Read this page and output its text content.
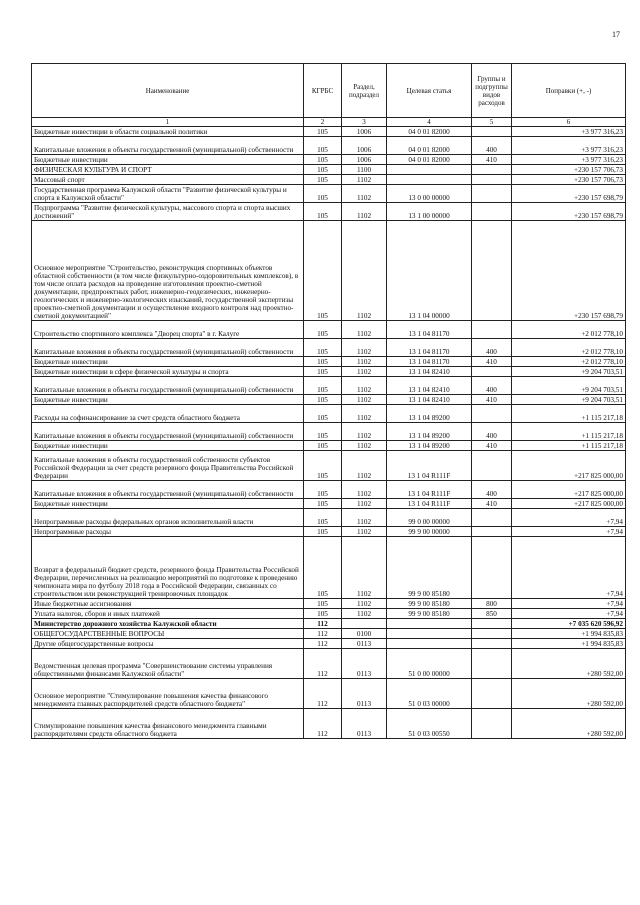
17
Наименование	КГРБС	Раздел, подраздел	Целевая статья	Группы и подгруппы видов расходов	Поправки (+, -)
1	2	3	4	5	6
Бюджетные инвестиции в области социальной политики	105	1006	04 0 01 82000		+3 977 316,23
Капитальные вложения в объекты государственной (муниципальной) собственности	105	1006	04 0 01 82000	400	+3 977 316,23
Бюджетные инвестиции	105	1006	04 0 01 82000	410	+3 977 316,23
ФИЗИЧЕСКАЯ КУЛЬТУРА И СПОРТ	105	1100			+230 157 706,73
Массовый спорт	105	1102			+230 157 706,73
Государственная программа Калужской области "Развитие физической культуры и спорта в Калужской области"	105	1102	13 0 00 00000		+230 157 698,79
Подпрограмма "Развитие физической культуры, массового спорта и спорта высших достижений"	105	1102	13 1 00 00000		+230 157 698,79
Основное мероприятие "Строительство, реконструкция спортивных объектов областной собственности (в том числе физкультурно-оздоровительных комплексов), в том числе оплата расходов на проведение изготовления проектно-сметной документации, предпроектных работ, инженерно-геодезических, инженерно-геологических и инженерно-экологических изысканий, государственной экспертизы проектно-сметной документации и осуществление входного контроля над проектно-сметной документацией"	105	1102	13 1 04 00000		+230 157 698,79
Строительство спортивного комплекса "Дворец спорта" в г. Калуге	105	1102	13 1 04 81170		+2 012 778,10
Капитальные вложения в объекты государственной (муниципальной) собственности	105	1102	13 1 04 81170	400	+2 012 778,10
Бюджетные инвестиции	105	1102	13 1 04 81170	410	+2 012 778,10
Бюджетные инвестиции в сфере физической культуры и спорта	105	1102	13 1 04 82410		+9 204 703,51
Капитальные вложения в объекты государственной (муниципальной) собственности	105	1102	13 1 04 82410	400	+9 204 703,51
Бюджетные инвестиции	105	1102	13 1 04 82410	410	+9 204 703,51
Расходы на софинансирование за счет средств областного бюджета	105	1102	13 1 04 89200		+1 115 217,18
Капитальные вложения в объекты государственной (муниципальной) собственности	105	1102	13 1 04 89200	400	+1 115 217,18
Бюджетные инвестиции	105	1102	13 1 04 89200	410	+1 115 217,18
Капитальные вложения в объекты государственной собственности субъектов Российской Федерации за счет средств резервного фонда Правительства Российской Федерации	105	1102	13 1 04 R111F		+217 825 000,00
Капитальные вложения в объекты государственной (муниципальной) собственности	105	1102	13 1 04 R111F	400	+217 825 000,00
Бюджетные инвестиции	105	1102	13 1 04 R111F	410	+217 825 000,00
Непрограммные расходы федеральных органов исполнительной власти	105	1102	99 0 00 00000		+7,94
Непрограммные расходы	105	1102	99 9 00 00000		+7,94
Возврат в федеральный бюджет средств, резервного фонда Правительства Российской Федерации, перечисленных на реализацию мероприятий по подготовке к проведению чемпионата мира по футболу 2018 года в Российской Федерации, связанных со строительством или реконструкцией тренировочных площадок	105	1102	99 9 00 85180		+7,94
Иные бюджетные ассигнования	105	1102	99 9 00 85180	800	+7,94
Уплата налогов, сборов и иных платежей	105	1102	99 9 00 85180	850	+7,94
Министерство дорожного хозяйства Калужской области	112				+7 035 620 596,92
ОБЩЕГОСУДАРСТВЕННЫЕ ВОПРОСЫ	112	0100			+1 994 835,83
Другие общегосударственные вопросы	112	0113			+1 994 835,83
Ведомственная целевая программа "Совершенствование системы управления общественными финансами Калужской области"	112	0113	51 0 00 00000		+280 592,00
Основное мероприятие "Стимулирование повышения качества финансового менеджмента главных распорядителей средств областного бюджета"	112	0113	51 0 03 00000		+280 592,00
Стимулирование повышения качества финансового менеджмента главными распорядителями средств областного бюджета	112	0113	51 0 03 00550		+280 592,00
